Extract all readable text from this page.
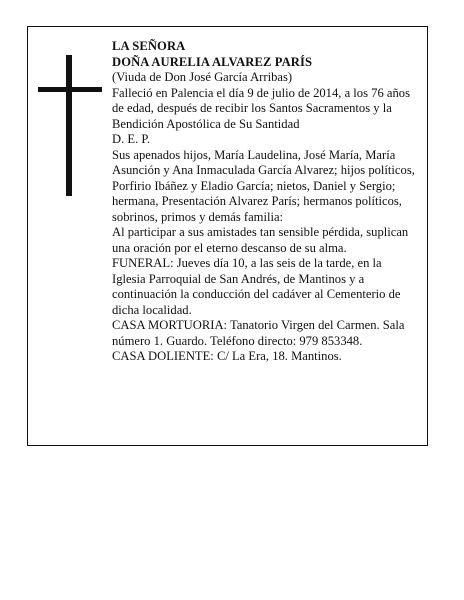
LA SEÑORA

DOÑA AURELIA ALVAREZ PARÍS

(Viuda de Don José García Arribas)

Falleció en Palencia el día 9 de julio de 2014, a los 76 años de edad, después de recibir los Santos Sacramentos y la Bendición Apostólica de Su Santidad

D. E. P.

Sus apenados hijos, María Laudelina, José María, María Asunción y Ana Inmaculada García Alvarez; hijos políticos, Porfirio Ibáñez y Eladio García; nietos, Daniel y Sergio; hermana, Presentación Alvarez París; hermanos políticos, sobrinos, primos y demás familia:

Al participar a sus amistades tan sensible pérdida, suplican una oración por el eterno descanso de su alma.

FUNERAL: Jueves día 10, a las seis de la tarde, en la Iglesia Parroquial de San Andrés, de Mantinos y a continuación la conducción del cadáver al Cementerio de dicha localidad.

CASA MORTUORIA: Tanatorio Virgen del Carmen. Sala número 1. Guardo. Teléfono directo: 979 853348.

CASA DOLIENTE: C/ La Era, 18. Mantinos.
